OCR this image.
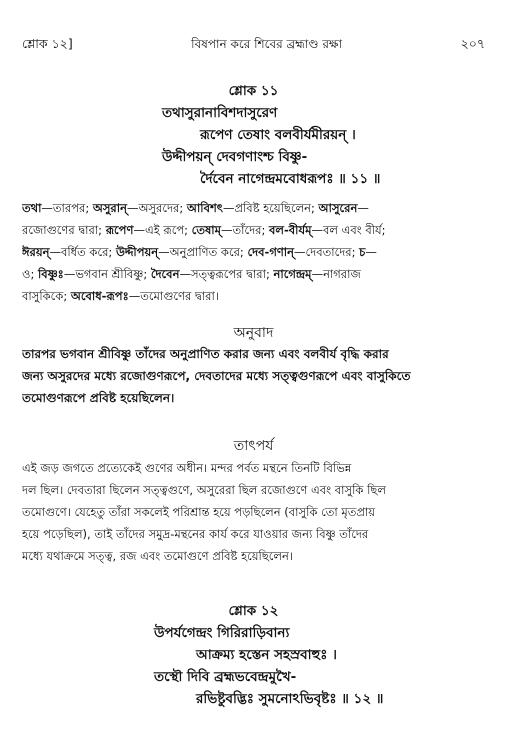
শ্লোক ১২]	বিষপান করে শিবের ব্রহ্মাণ্ড রক্ষা	২০৭
শ্লোক ১১
তথাসুরানাবিশদাসুরেণ
রূপেণ তেষাং বলবীর্যমীরয়ন্ ।
উদ্দীপয়ন্ দেবগণাংশ্চ বিষ্ণু-
র্দৈবেন নাগেন্দ্রমবোধরূপঃ ॥ ১১ ॥
তথা—তারপর; অসুরান্—অসুরদের; আবিশৎ—প্রবিষ্ট হয়েছিলেন; আসুরেন—
রজোগুণের দ্বারা; রূপেণ—এই রূপে; তেষাম্—তাঁদের; বল-বীর্যম্—বল এবং বীর্য;
ঈরয়ন্—বর্ধিত করে; উদ্দীপয়ন্—অনুপ্রাণিত করে; দেব-গণান্—দেবতাদের; চ—
ও; বিষ্ণুঃ—ভগবান শ্রীবিষ্ণু; দৈবেন—সত্ত্বরূপের দ্বারা; নাগেন্দ্রম্—নাগরাজ
বাসুকিকে; অবোধ-রূপঃ—তমোগুণের দ্বারা।
অনুবাদ
তারপর ভগবান শ্রীবিষ্ণু তাঁদের অনুপ্রাণিত করার জন্য এবং বলবীর্য বৃদ্ধি করার
জন্য অসুরদের মধ্যে রজোগুণরূপে, দেবতাদের মধ্যে সত্ত্বগুণরূপে এবং বাসুকিতে
তমোগুণরূপে প্রবিষ্ট হয়েছিলেন।
তাৎপর্য
এই জড় জগতে প্রত্যেকেই গুণের অধীন। মন্দর পর্বত মন্থনে তিনটি বিভিন্ন
দল ছিল। দেবতারা ছিলেন সত্ত্বগুণে, অসুরেরা ছিল রজোগুণে এবং বাসুকি ছিল
তমোগুণে। যেহেতু তাঁরা সকলেই পরিশ্রান্ত হয়ে পড়ছিলেন (বাসুকি তো মৃতপ্রায়
হয়ে পড়েছিল), তাই তাঁদের সমুদ্র-মন্থনের কার্য করে যাওয়ার জন্য বিষ্ণু তাঁদের
মধ্যে যথাক্রমে সত্ত্ব, রজ এবং তমোগুণে প্রবিষ্ট হয়েছিলেন।
শ্লোক ১২
উপর্যগেন্দ্রং গিরিরাড়িবান্য
আক্রম্য হস্তেন সহস্রবাহুঃ ।
তস্থৌ দিবি ব্রহ্মভবেন্দ্রমুখৈ-
রভিষ্টুবদ্ভিঃ সুমনোঽভিবৃষ্টঃ ॥ ১২ ॥
